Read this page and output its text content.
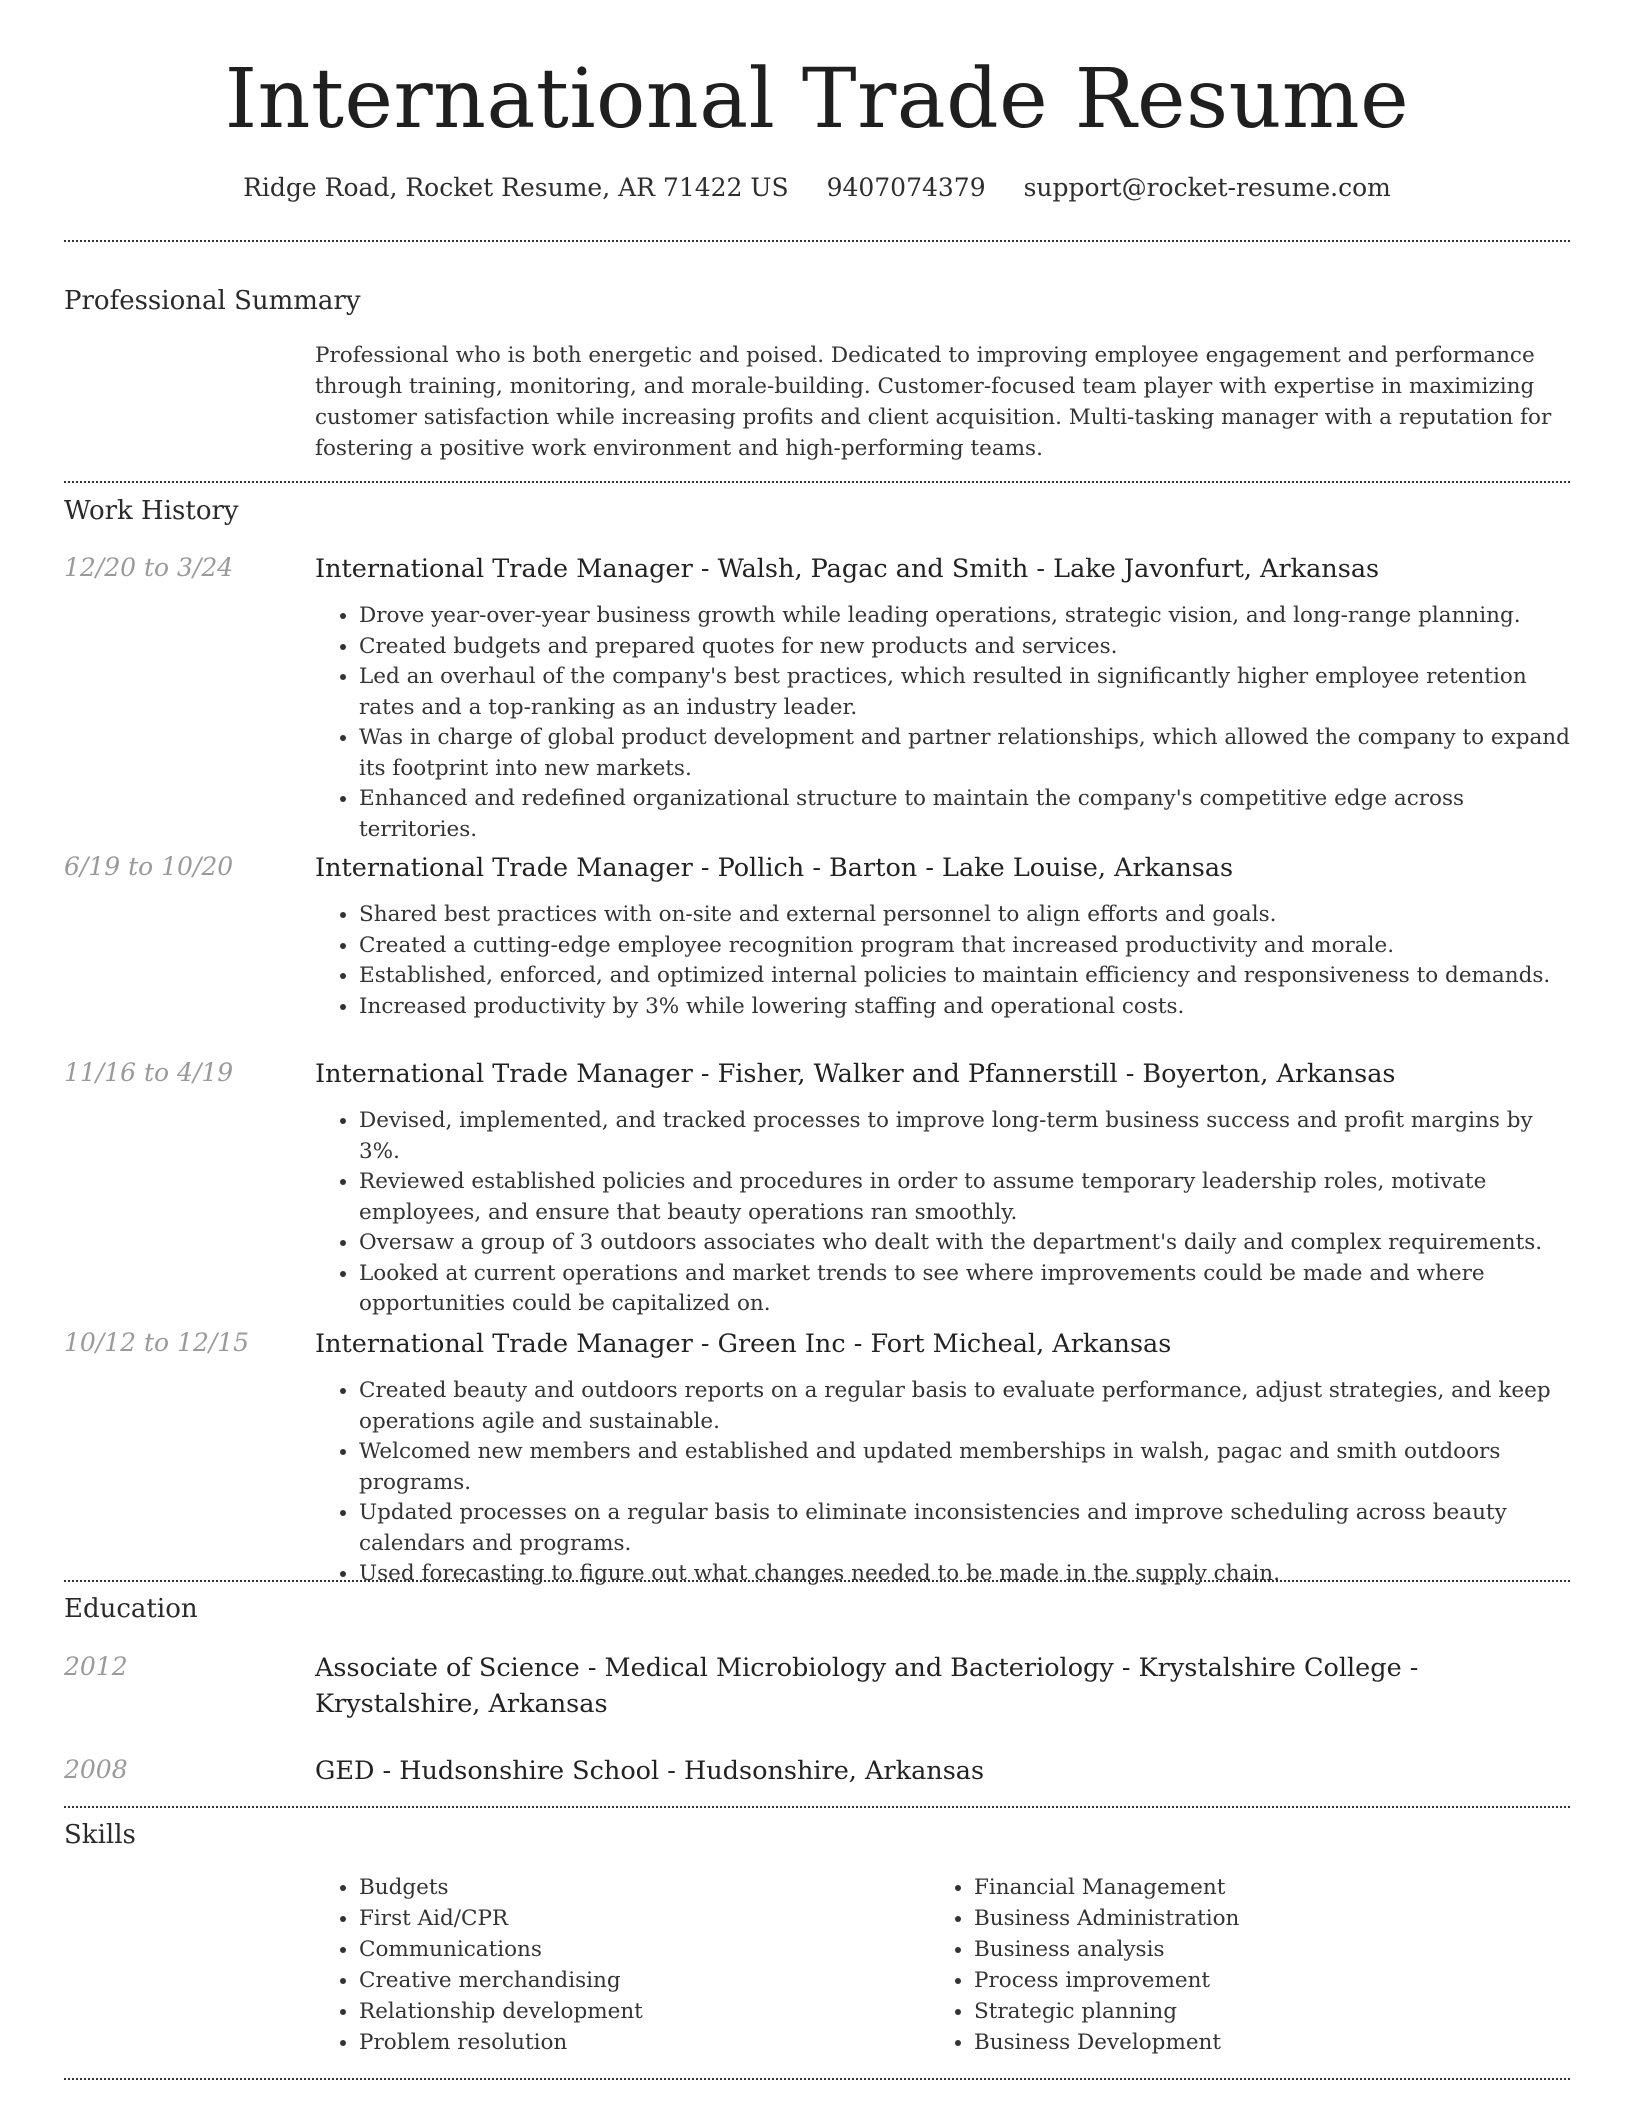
International Trade Resume
Ridge Road, Rocket Resume, AR 71422 US 9407074379 support@rocket-resume.com
Professional Summary
Professional who is both energetic and poised. Dedicated to improving employee engagement and performance through training, monitoring, and morale-building. Customer-focused team player with expertise in maximizing customer satisfaction while increasing profits and client acquisition. Multi-tasking manager with a reputation for fostering a positive work environment and high-performing teams.
Work History
12/20 to 3/24	International Trade Manager - Walsh, Pagac and Smith - Lake Javonfurt, Arkansas
• Drove year-over-year business growth while leading operations, strategic vision, and long-range planning.
• Created budgets and prepared quotes for new products and services.
• Led an overhaul of the company's best practices, which resulted in significantly higher employee retention rates and a top-ranking as an industry leader.
• Was in charge of global product development and partner relationships, which allowed the company to expand its footprint into new markets.
• Enhanced and redefined organizational structure to maintain the company's competitive edge across territories.
6/19 to 10/20	International Trade Manager - Pollich - Barton - Lake Louise, Arkansas
• Shared best practices with on-site and external personnel to align efforts and goals.
• Created a cutting-edge employee recognition program that increased productivity and morale.
• Established, enforced, and optimized internal policies to maintain efficiency and responsiveness to demands.
• Increased productivity by 3% while lowering staffing and operational costs.
11/16 to 4/19	International Trade Manager - Fisher, Walker and Pfannerstill - Boyerton, Arkansas
• Devised, implemented, and tracked processes to improve long-term business success and profit margins by 3%.
• Reviewed established policies and procedures in order to assume temporary leadership roles, motivate employees, and ensure that beauty operations ran smoothly.
• Oversaw a group of 3 outdoors associates who dealt with the department's daily and complex requirements.
• Looked at current operations and market trends to see where improvements could be made and where opportunities could be capitalized on.
10/12 to 12/15	International Trade Manager - Green Inc - Fort Micheal, Arkansas
• Created beauty and outdoors reports on a regular basis to evaluate performance, adjust strategies, and keep operations agile and sustainable.
• Welcomed new members and established and updated memberships in walsh, pagac and smith outdoors programs.
• Updated processes on a regular basis to eliminate inconsistencies and improve scheduling across beauty calendars and programs.
• Used forecasting to figure out what changes needed to be made in the supply chain.
Education
2012	Associate of Science - Medical Microbiology and Bacteriology - Krystalshire College - Krystalshire, Arkansas
2008	GED - Hudsonshire School - Hudsonshire, Arkansas
Skills
• Budgets
• First Aid/CPR
• Communications
• Creative merchandising
• Relationship development
• Problem resolution
• Financial Management
• Business Administration
• Business analysis
• Process improvement
• Strategic planning
• Business Development
